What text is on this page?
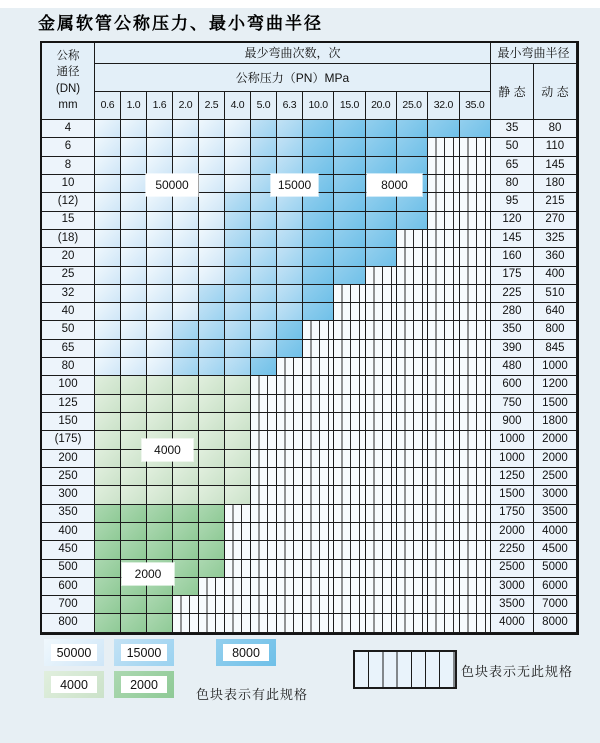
金属软管公称压力、最小弯曲半径
公称
通径
(DN)
mm
最少弯曲次数，次	最小弯曲半径
公称压力（PN）MPa
静 态	动 态
0.6	1.0	1.6	2.0	2.5	4.0	5.0	6.3	10.0	15.0	20.0	25.0	32.0	35.0
4	35	80
6	50	110
8	65	145
10	80	180
(12)	95	215
15	120	270
(18)	145	325
20	160	360
25	175	400
32	225	510
40	280	640
50	350	800
65	390	845
80	480	1000
100	600	1200
125	750	1500
150	900	1800
(175)	1000	2000
200	1000	2000
250	1250	2500
300	1500	3000
350	1750	3500
400	2000	4000
450	2250	4500
500	2500	5000
600	3000	6000
700	3500	7000
800	4000	8000
50000	15000	8000
4000
2000
色块表示有此规格
色块表示无此规格
50000	15000	8000
4000	2000
